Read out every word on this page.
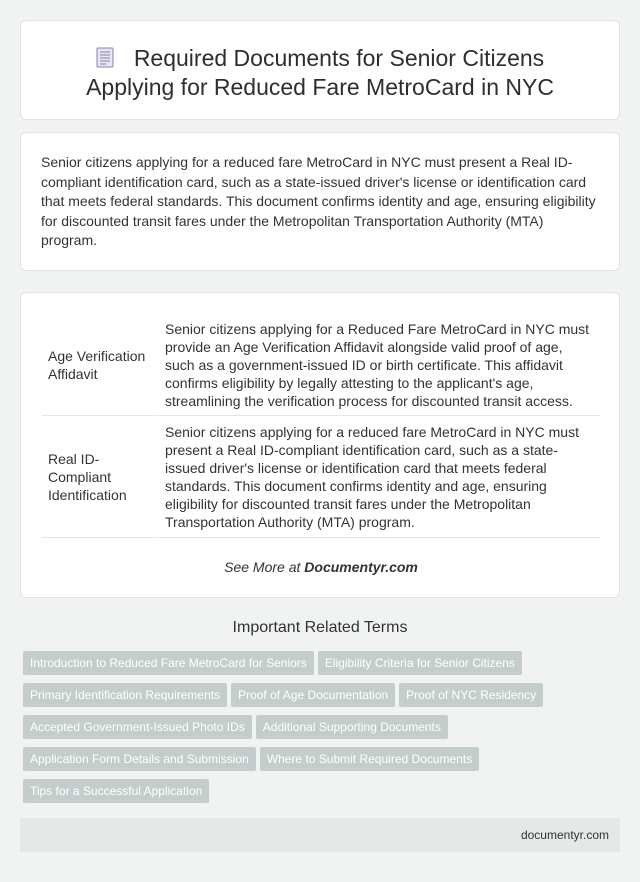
Required Documents for Senior Citizens Applying for Reduced Fare MetroCard in NYC

Senior citizens applying for a reduced fare MetroCard in NYC must present a Real ID-compliant identification card, such as a state-issued driver's license or identification card that meets federal standards. This document confirms identity and age, ensuring eligibility for discounted transit fares under the Metropolitan Transportation Authority (MTA) program.

Age Verification Affidavit	Senior citizens applying for a Reduced Fare MetroCard in NYC must provide an Age Verification Affidavit alongside valid proof of age, such as a government-issued ID or birth certificate. This affidavit confirms eligibility by legally attesting to the applicant's age, streamlining the verification process for discounted transit access.
Real ID-Compliant Identification	Senior citizens applying for a reduced fare MetroCard in NYC must present a Real ID-compliant identification card, such as a state-issued driver's license or identification card that meets federal standards. This document confirms identity and age, ensuring eligibility for discounted transit fares under the Metropolitan Transportation Authority (MTA) program.
See More at Documentyr.com
Important Related Terms
Introduction to Reduced Fare MetroCard for Seniors Eligibility Criteria for Senior Citizens
Primary Identification Requirements Proof of Age Documentation Proof of NYC Residency
Accepted Government-Issued Photo IDs Additional Supporting Documents
Application Form Details and Submission Where to Submit Required Documents
Tips for a Successful Application
documentyr.com
